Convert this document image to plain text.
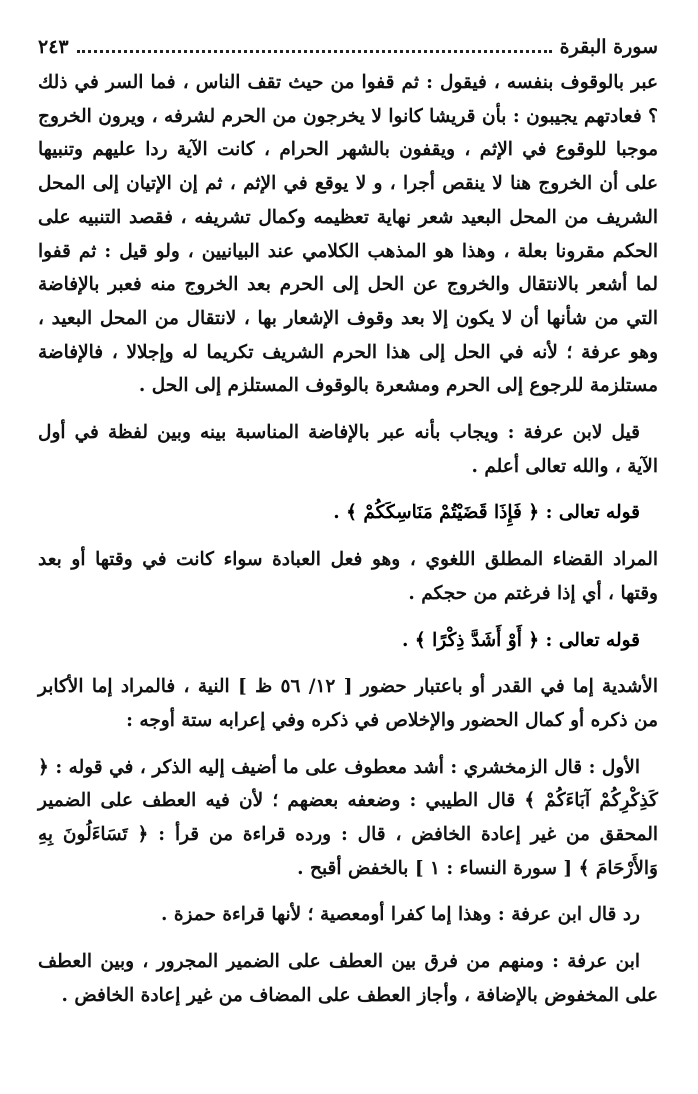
سورة البقرة
٢٤٣

عبر بالوقوف بنفسه ، فيقول : ثم قفوا من حيث تقف الناس ، فما السر في ذلك ؟ فعادتهم يجيبون : بأن قريشا كانوا لا يخرجون من الحرم لشرفه ، ويرون الخروج موجبا للوقوع في الإثم ، ويقفون بالشهر الحرام ، كانت الآية ردا عليهم وتنبيها على أن الخروج هنا لا ينقص أجرا ، و لا يوقع في الإثم ، ثم إن الإتيان إلى المحل الشريف من المحل البعيد شعر نهاية تعظيمه وكمال تشريفه ، فقصد التنبيه على الحكم مقرونا بعلة ، وهذا هو المذهب الكلامي عند البيانيين ، ولو قيل : ثم قفوا لما أشعر بالانتقال والخروج عن الحل إلى الحرم بعد الخروج منه فعبر بالإفاضة التي من شأنها أن لا يكون إلا بعد وقوف الإشعار بها ، لانتقال من المحل البعيد ، وهو عرفة ؛ لأنه في الحل إلى هذا الحرم الشريف تكريما له وإجلالا ، فالإفاضة مستلزمة للرجوع إلى الحرم ومشعرة بالوقوف المستلزم إلى الحل .

قيل لابن عرفة : ويجاب بأنه عبر بالإفاضة المناسبة بينه وبين لفظة في أول الآية ، والله تعالى أعلم .

قوله تعالى : ﴿ فَإِذَا قَضَيْتُمْ مَنَاسِكَكُمْ ﴾ .

المراد القضاء المطلق اللغوي ، وهو فعل العبادة سواء كانت في وقتها أو بعد وقتها ، أي إذا فرغتم من حجكم .

قوله تعالى : ﴿ أَوْ أَشَدَّ ذِكْرًا ﴾ .

الأشدية إما في القدر أو باعتبار حضور [ ١٢/ ٥٦ ظ ] النية ، فالمراد إما الأكابر من ذكره أو كمال الحضور والإخلاص في ذكره وفي إعرابه ستة أوجه :

الأول : قال الزمخشري : أشد معطوف على ما أضيف إليه الذكر ، في قوله : ﴿ كَذِكْرِكُمْ آبَاءَكُمْ ﴾ قال الطيبي : وضعفه بعضهم ؛ لأن فيه العطف على الضمير المحقق من غير إعادة الخافض ، قال : ورده قراءة من قرأ : ﴿ تَسَاءَلُونَ بِهِ وَالأَرْحَامَ ﴾ [ سورة النساء : ١ ] بالخفض أقبح .

رد قال ابن عرفة : وهذا إما كفرا أومعصية ؛ لأنها قراءة حمزة .

ابن عرفة : ومنهم من فرق بين العطف على الضمير المجرور ، وبين العطف على المخفوض بالإضافة ، وأجاز العطف على المضاف من غير إعادة الخافض .
